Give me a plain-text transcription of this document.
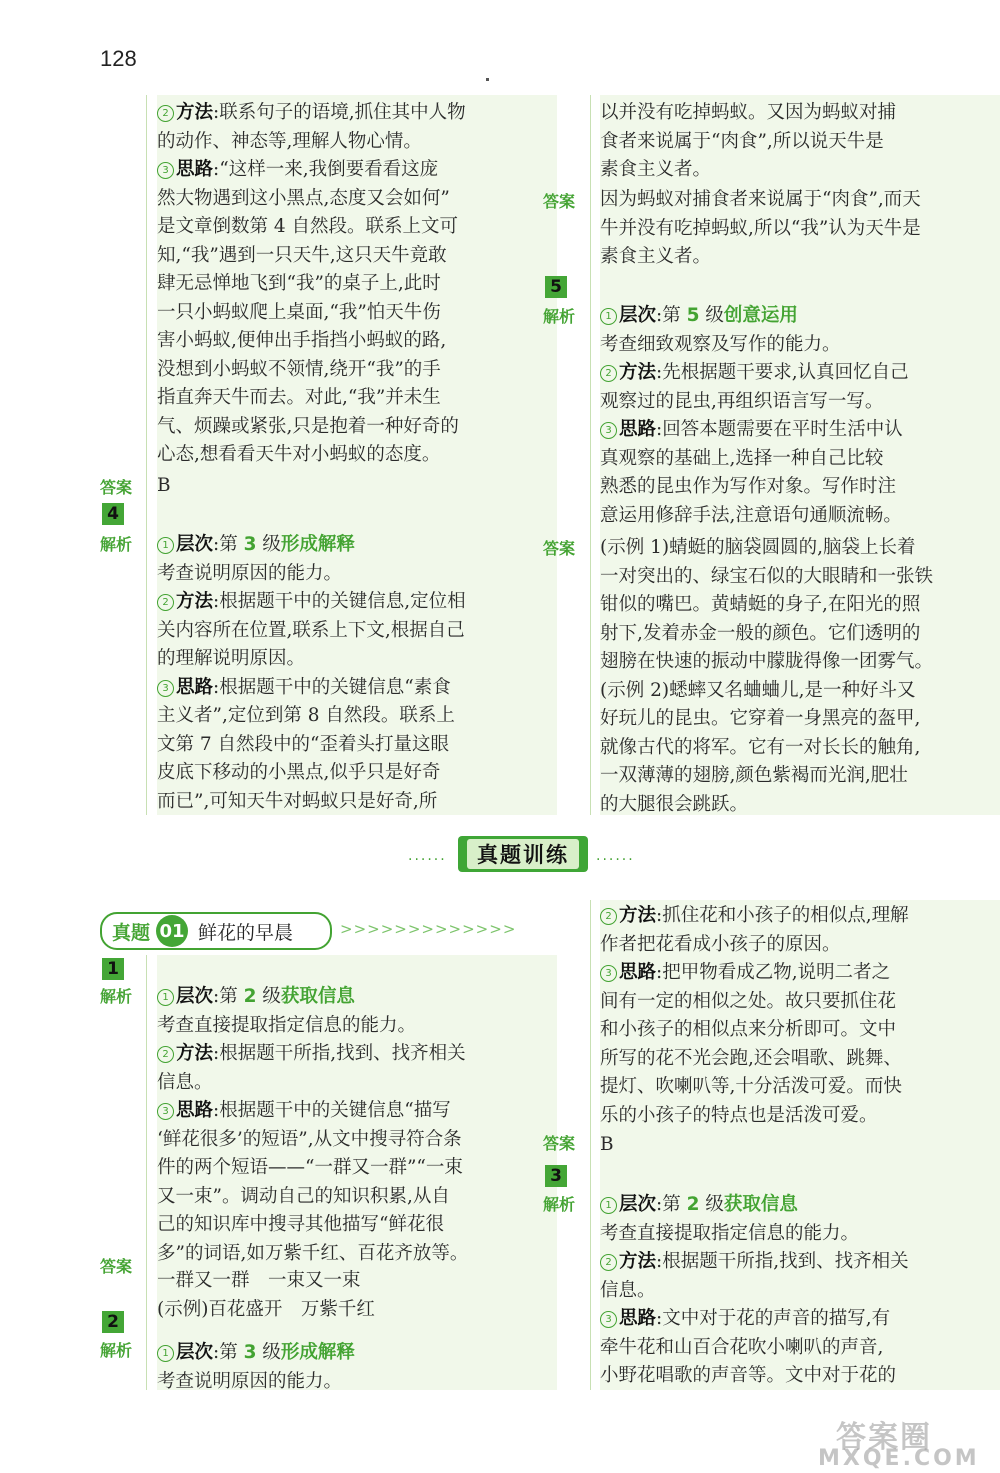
128
2 方法:联系句子的语境,抓住其中人物
的动作、神态等,理解人物心情。
3 思路:“这样一来,我倒要看看这庞
然大物遇到这小黑点,态度又会如何”
是文章倒数第 4 自然段。联系上文可
知,“我”遇到一只天牛,这只天牛竟敢
肆无忌惮地飞到“我”的桌子上,此时
一只小蚂蚁爬上桌面,“我”怕天牛伤
害小蚂蚁,便伸出手指挡小蚂蚁的路,
没想到小蚂蚁不领情,绕开“我”的手
指直奔天牛而去。对此,“我”并未生
气、烦躁或紧张,只是抱着一种好奇的
心态,想看看天牛对小蚂蚁的态度。
B
1 层次:第 3 级形成解释
考查说明原因的能力。
2 方法:根据题干中的关键信息,定位相
关内容所在位置,联系上下文,根据自己
的理解说明原因。
3 思路:根据题干中的关键信息“素食
主义者”,定位到第 8 自然段。联系上
文第 7 自然段中的“歪着头打量这眼
皮底下移动的小黑点,似乎只是好奇
而已”,可知天牛对蚂蚁只是好奇,所
答案
4
解析
以并没有吃掉蚂蚁。又因为蚂蚁对捕
食者来说属于“肉食”,所以说天牛是
素食主义者。
因为蚂蚁对捕食者来说属于“肉食”,而天
牛并没有吃掉蚂蚁,所以“我”认为天牛是
素食主义者。
1 层次:第 5 级创意运用
考查细致观察及写作的能力。
2 方法:先根据题干要求,认真回忆自己
观察过的昆虫,再组织语言写一写。
3 思路:回答本题需要在平时生活中认
真观察的基础上,选择一种自己比较
熟悉的昆虫作为写作对象。写作时注
意运用修辞手法,注意语句通顺流畅。
(示例 1)蜻蜓的脑袋圆圆的,脑袋上长着
一对突出的、绿宝石似的大眼睛和一张铁
钳似的嘴巴。黄蜻蜓的身子,在阳光的照
射下,发着赤金一般的颜色。它们透明的
翅膀在快速的振动中朦胧得像一团雾气。
(示例 2)蟋蟀又名蛐蛐儿,是一种好斗又
好玩儿的昆虫。它穿着一身黑亮的盔甲,
就像古代的将军。它有一对长长的触角,
一双薄薄的翅膀,颜色紫褐而光润,肥壮
的大腿很会跳跃。
答案
5
解析
答案
......	真题训练	......
真题 01 鲜花的早晨	>>>>>>>>>>>>>
1 层次:第 2 级获取信息
考查直接提取指定信息的能力。
2 方法:根据题干所指,找到、找齐相关
信息。
3 思路:根据题干中的关键信息“描写
‘鲜花很多’的短语”,从文中搜寻符合条
件的两个短语——“一群又一群”“一束
又一束”。调动自己的知识积累,从自
己的知识库中搜寻其他描写“鲜花很
多”的词语,如万紫千红、百花齐放等。
一群又一群　一束又一束
(示例)百花盛开　万紫千红
1 层次:第 3 级形成解释
考查说明原因的能力。
1
解析
答案
2
解析
2 方法:抓住花和小孩子的相似点,理解
作者把花看成小孩子的原因。
3 思路:把甲物看成乙物,说明二者之
间有一定的相似之处。故只要抓住花
和小孩子的相似点来分析即可。文中
所写的花不光会跑,还会唱歌、跳舞、
提灯、吹喇叭等,十分活泼可爱。而快
乐的小孩子的特点也是活泼可爱。
B
1 层次:第 2 级获取信息
考查直接提取指定信息的能力。
2 方法:根据题干所指,找到、找齐相关
信息。
3 思路:文中对于花的声音的描写,有
牵牛花和山百合花吹小喇叭的声音,
小野花唱歌的声音等。文中对于花的
答案
3
解析
答案圈
MXQE.COM
